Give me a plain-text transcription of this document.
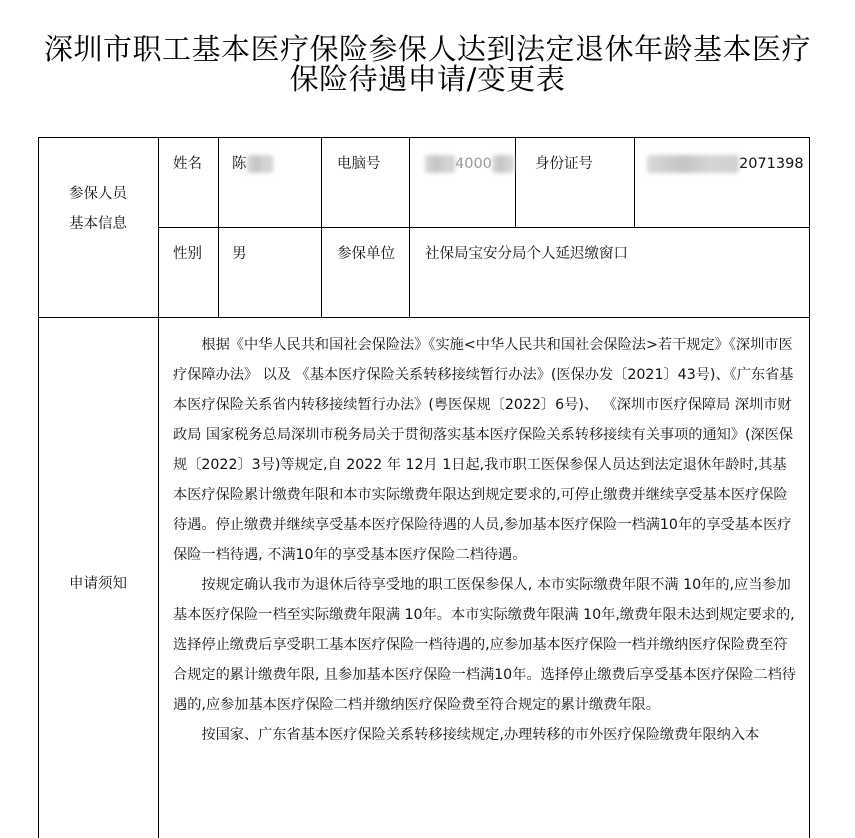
深圳市职工基本医疗保险参保人达到法定退休年龄基本医疗
保险待遇申请/变更表
参保人员
基本信息
姓名 陈	电脑号	4000	身份证号	2071398
性别 男	参保单位 社保局宝安分局个人延迟缴窗口
申请须知

根据《中华人民共和国社会保险法》《实施<中华人民共和国社会保险法>若干规定》《深圳市医疗保障办法》 以及 《基本医疗保险关系转移接续暂行办法》(医保办发〔2021〕43号)、《广东省基本医疗保险关系省内转移接续暂行办法》(粤医保规〔2022〕6号)、 《深圳市医疗保障局 深圳市财政局 国家税务总局深圳市税务局关于贯彻落实基本医疗保险关系转移接续有关事项的通知》(深医保规〔2022〕3号)等规定,自 2022 年 12月 1日起,我市职工医保参保人员达到法定退休年龄时,其基本医疗保险累计缴费年限和本市实际缴费年限达到规定要求的,可停止缴费并继续享受基本医疗保险待遇。停止缴费并继续享受基本医疗保险待遇的人员,参加基本医疗保险一档满10年的享受基本医疗保险一档待遇, 不满10年的享受基本医疗保险二档待遇。

按规定确认我市为退休后待享受地的职工医保参保人, 本市实际缴费年限不满 10年的,应当参加基本医疗保险一档至实际缴费年限满 10年。本市实际缴费年限满 10年,缴费年限未达到规定要求的,选择停止缴费后享受职工基本医疗保险一档待遇的,应参加基本医疗保险一档并缴纳医疗保险费至符合规定的累计缴费年限, 且参加基本医疗保险一档满10年。选择停止缴费后享受基本医疗保险二档待遇的,应参加基本医疗保险二档并缴纳医疗保险费至符合规定的累计缴费年限。

按国家、广东省基本医疗保险关系转移接续规定,办理转移的市外医疗保险缴费年限纳入本
